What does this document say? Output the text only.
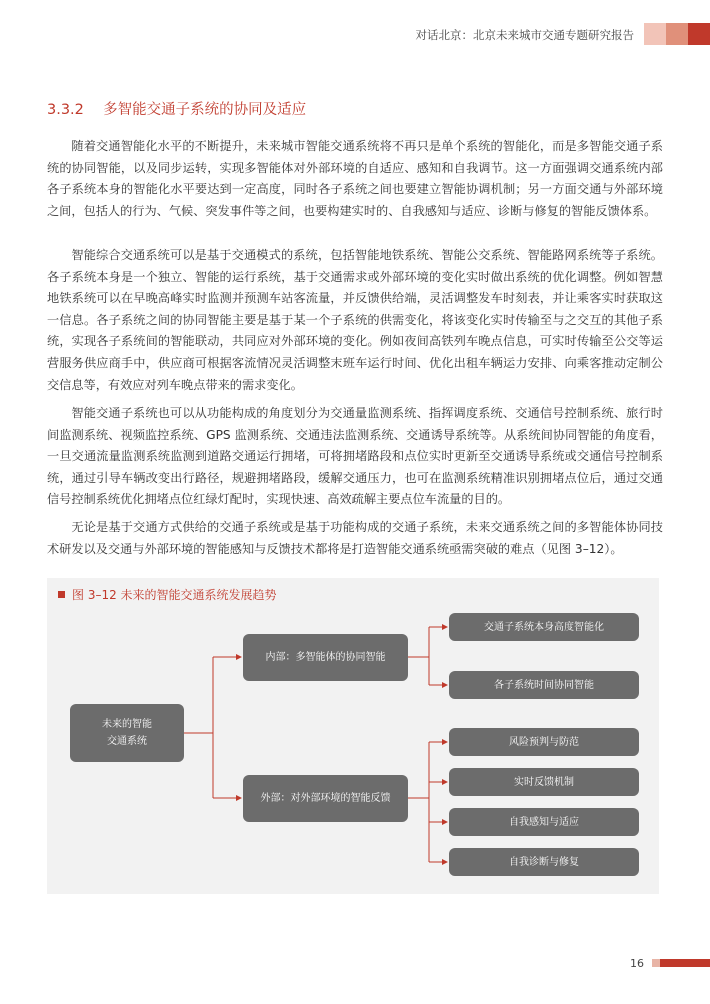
对话北京：北京未来城市交通专题研究报告
3.3.2 多智能交通子系统的协同及适应

随着交通智能化水平的不断提升，未来城市智能交通系统将不再只是单个系统的智能化，而是多智能交通子系统的协同智能，以及同步运转，实现多智能体对外部环境的自适应、感知和自我调节。这一方面强调交通系统内部各子系统本身的智能化水平要达到一定高度，同时各子系统之间也要建立智能协调机制；另一方面交通与外部环境之间，包括人的行为、气候、突发事件等之间，也要构建实时的、自我感知与适应、诊断与修复的智能反馈体系。

智能综合交通系统可以是基于交通模式的系统，包括智能地铁系统、智能公交系统、智能路网系统等子系统。各子系统本身是一个独立、智能的运行系统，基于交通需求或外部环境的变化实时做出系统的优化调整。例如智慧地铁系统可以在早晚高峰实时监测并预测车站客流量，并反馈供给端，灵活调整发车时刻表，并让乘客实时获取这一信息。各子系统之间的协同智能主要是基于某一个子系统的供需变化，将该变化实时传输至与之交互的其他子系统，实现各子系统间的智能联动，共同应对外部环境的变化。例如夜间高铁列车晚点信息，可实时传输至公交等运营服务供应商手中，供应商可根据客流情况灵活调整末班车运行时间、优化出租车辆运力安排、向乘客推动定制公交信息等，有效应对列车晚点带来的需求变化。

智能交通子系统也可以从功能构成的角度划分为交通量监测系统、指挥调度系统、交通信号控制系统、旅行时间监测系统、视频监控系统、GPS 监测系统、交通违法监测系统、交通诱导系统等。从系统间协同智能的角度看，一旦交通流量监测系统监测到道路交通运行拥堵，可将拥堵路段和点位实时更新至交通诱导系统或交通信号控制系统，通过引导车辆改变出行路径，规避拥堵路段，缓解交通压力，也可在监测系统精准识别拥堵点位后，通过交通信号控制系统优化拥堵点位红绿灯配时，实现快速、高效疏解主要点位车流量的目的。

无论是基于交通方式供给的交通子系统或是基于功能构成的交通子系统，未来交通系统之间的多智能体协同技术研发以及交通与外部环境的智能感知与反馈技术都将是打造智能交通系统亟需突破的难点（见图 3–12）。

图 3–12 未来的智能交通系统发展趋势
未来的智能
交通系统
内部：多智能体的协同智能
外部：对外部环境的智能反馈
交通子系统本身高度智能化
各子系统时间协同智能
风险预判与防范
实时反馈机制
自我感知与适应
自我诊断与修复
16
